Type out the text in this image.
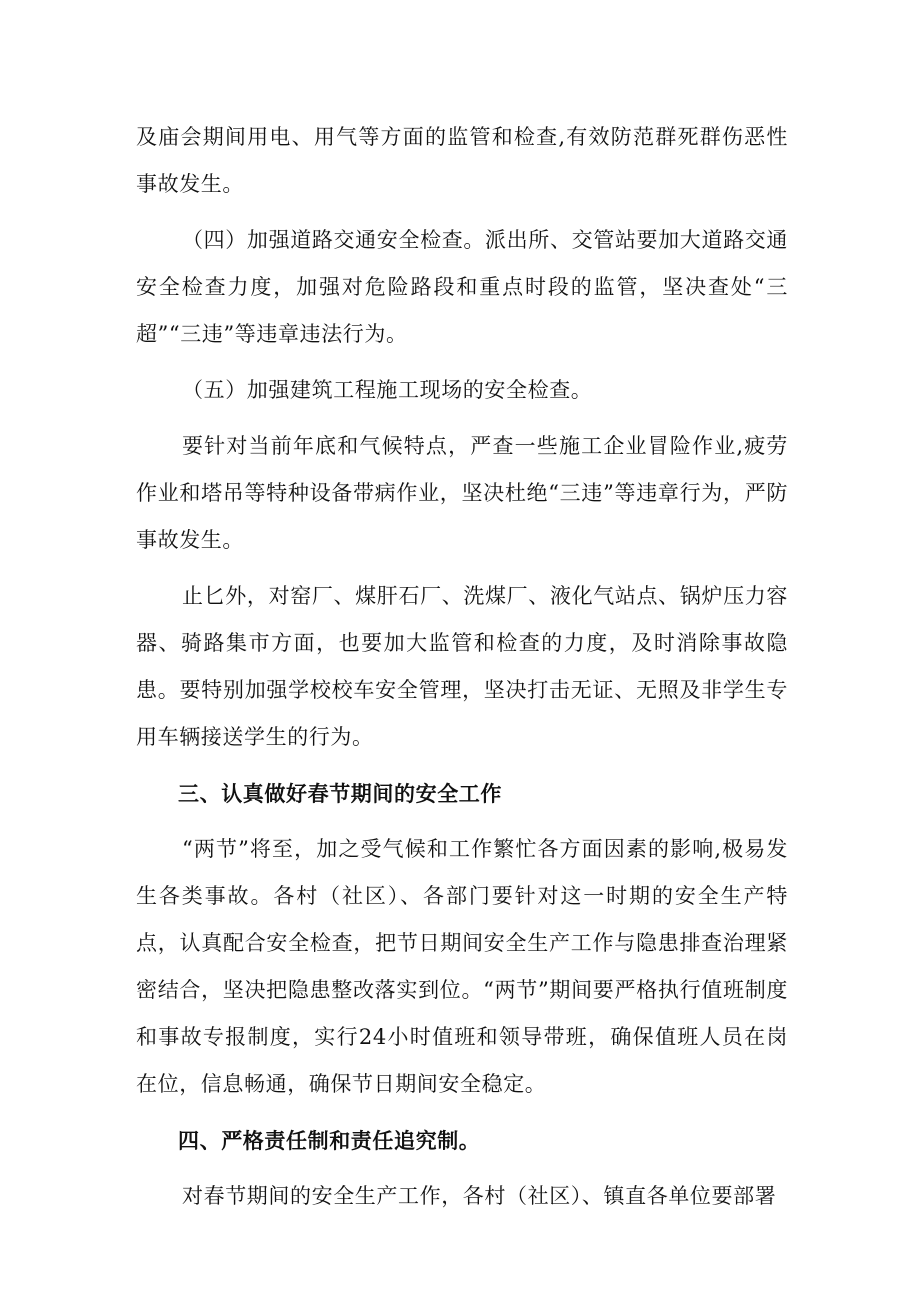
及庙会期间用电、用气等方面的监管和检查,有效防范群死群伤恶性事故发生。

（四）加强道路交通安全检查。派出所、交管站要加大道路交通安全检查力度，加强对危险路段和重点时段的监管，坚决查处“三超”“三违”等违章违法行为。

（五）加强建筑工程施工现场的安全检查。

要针对当前年底和气候特点，严查一些施工企业冒险作业,疲劳作业和塔吊等特种设备带病作业，坚决杜绝“三违”等违章行为，严防事故发生。

止匕外，对窑厂、煤肝石厂、洗煤厂、液化气站点、锅炉压力容器、骑路集市方面，也要加大监管和检查的力度，及时消除事故隐患。要特别加强学校校车安全管理，坚决打击无证、无照及非学生专用车辆接送学生的行为。

三、认真做好春节期间的安全工作

“两节”将至，加之受气候和工作繁忙各方面因素的影响,极易发生各类事故。各村（社区）、各部门要针对这一时期的安全生产特点，认真配合安全检查，把节日期间安全生产工作与隐患排查治理紧密结合，坚决把隐患整改落实到位。“两节”期间要严格执行值班制度和事故专报制度，实行24小时值班和领导带班，确保值班人员在岗在位，信息畅通，确保节日期间安全稳定。

四、严格责任制和责任追究制。

对春节期间的安全生产工作，各村（社区）、镇直各单位要部署
